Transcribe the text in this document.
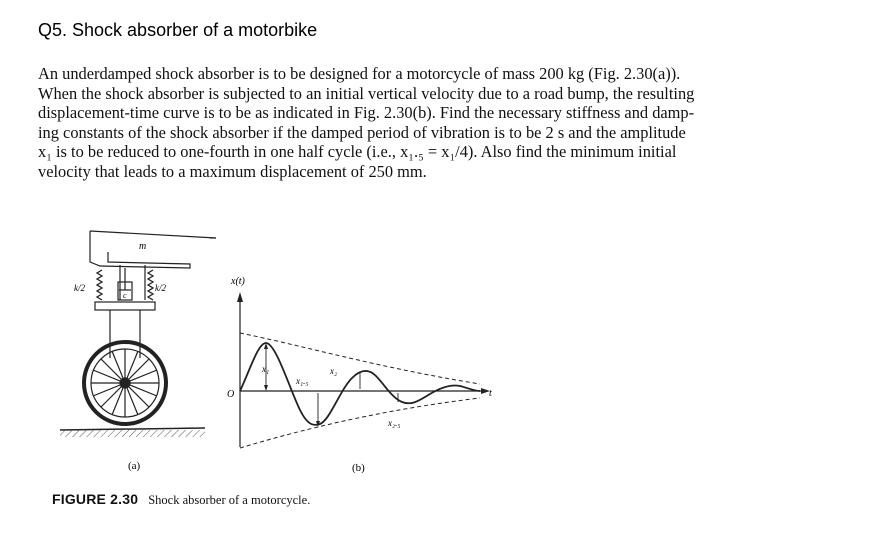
Q5. Shock absorber of a motorbike

An underdamped shock absorber is to be designed for a motorcycle of mass 200 kg (Fig. 2.30(a)).
When the shock absorber is subjected to an initial vertical velocity due to a road bump, the resulting
displacement-time curve is to be as indicated in Fig. 2.30(b). Find the necessary stiffness and damp-
ing constants of the shock absorber if the damped period of vibration is to be 2 s and the amplitude
x₁ is to be reduced to one-fourth in one half cycle (i.e., x₁.₅ = x₁/4). Also find the minimum initial
velocity that leads to a maximum displacement of 250 mm.

m
k/2	k/2
c
(a)
x(t)
O	t
x₁
x₁.₅
x₂
x₂.₅
(b)
FIGURE 2.30 Shock absorber of a motorcycle.
